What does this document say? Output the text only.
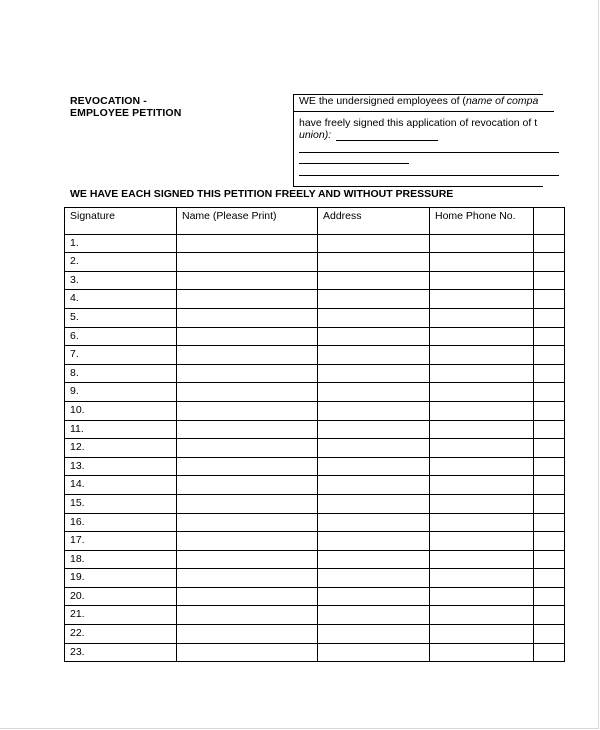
REVOCATION -
EMPLOYEE PETITION
WE the undersigned employees of (name of compa
have freely signed this application of revocation of t
union):
WE HAVE EACH SIGNED THIS PETITION FREELY AND WITHOUT PRESSURE
Signature	Name (Please Print)	Address	Home Phone No.	
1.				
2.				
3.				
4.				
5.				
6.				
7.				
8.				
9.				
10.				
11.				
12.				
13.				
14.				
15.				
16.				
17.				
18.				
19.				
20.				
21.				
22.				
23.				
